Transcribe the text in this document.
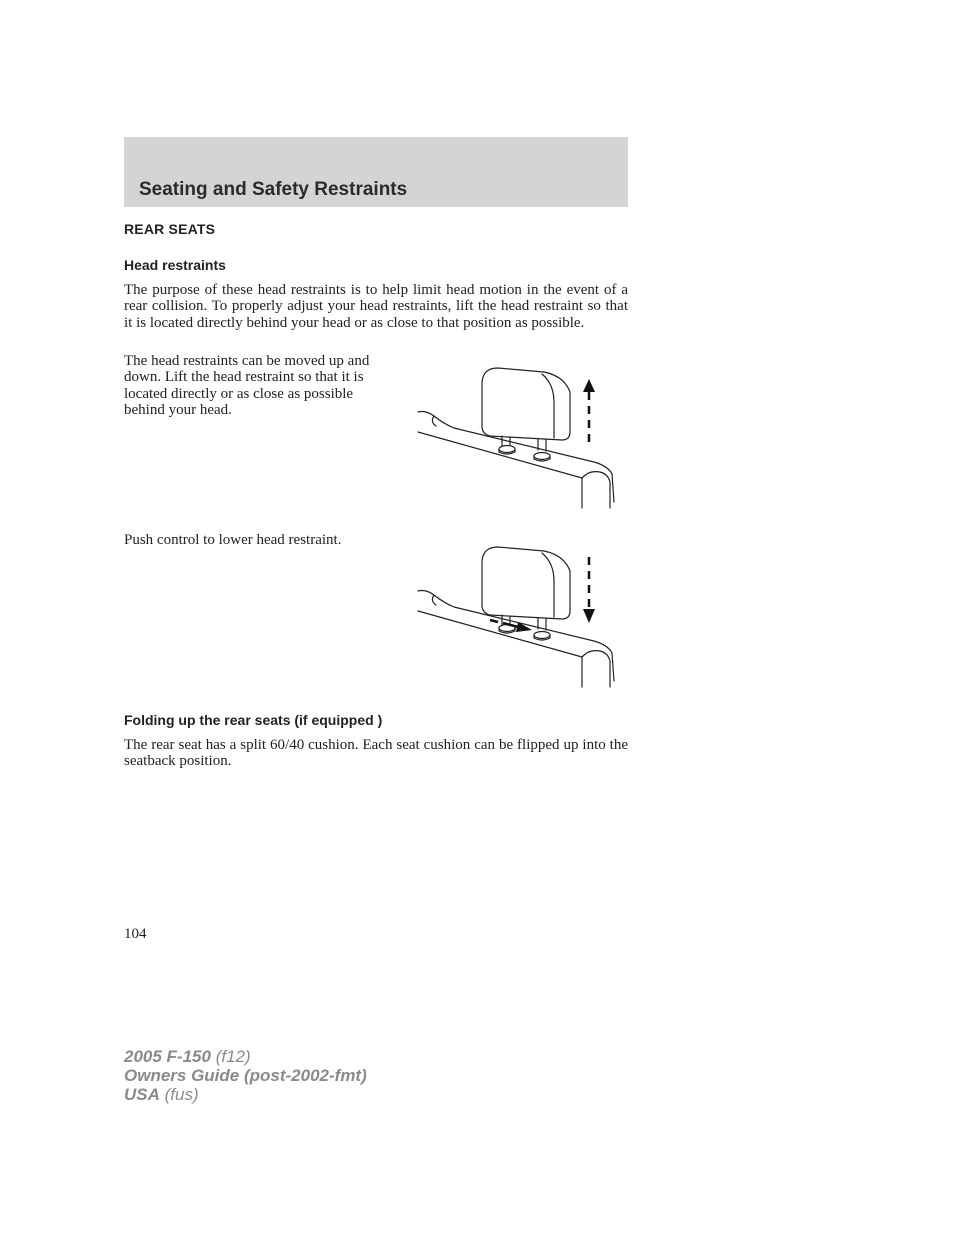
Seating and Safety Restraints
REAR SEATS
Head restraints

The purpose of these head restraints is to help limit head motion in the event of a rear collision. To properly adjust your head restraints, lift the head restraint so that it is located directly behind your head or as close to that position as possible.

The head restraints can be moved up and down. Lift the head restraint so that it is located directly or as close as possible behind your head.

Push control to lower head restraint.

Folding up the rear seats (if equipped )

The rear seat has a split 60/40 cushion. Each seat cushion can be flipped up into the seatback position.

104

2005 F-150 (f12)
Owners Guide (post-2002-fmt)
USA (fus)
